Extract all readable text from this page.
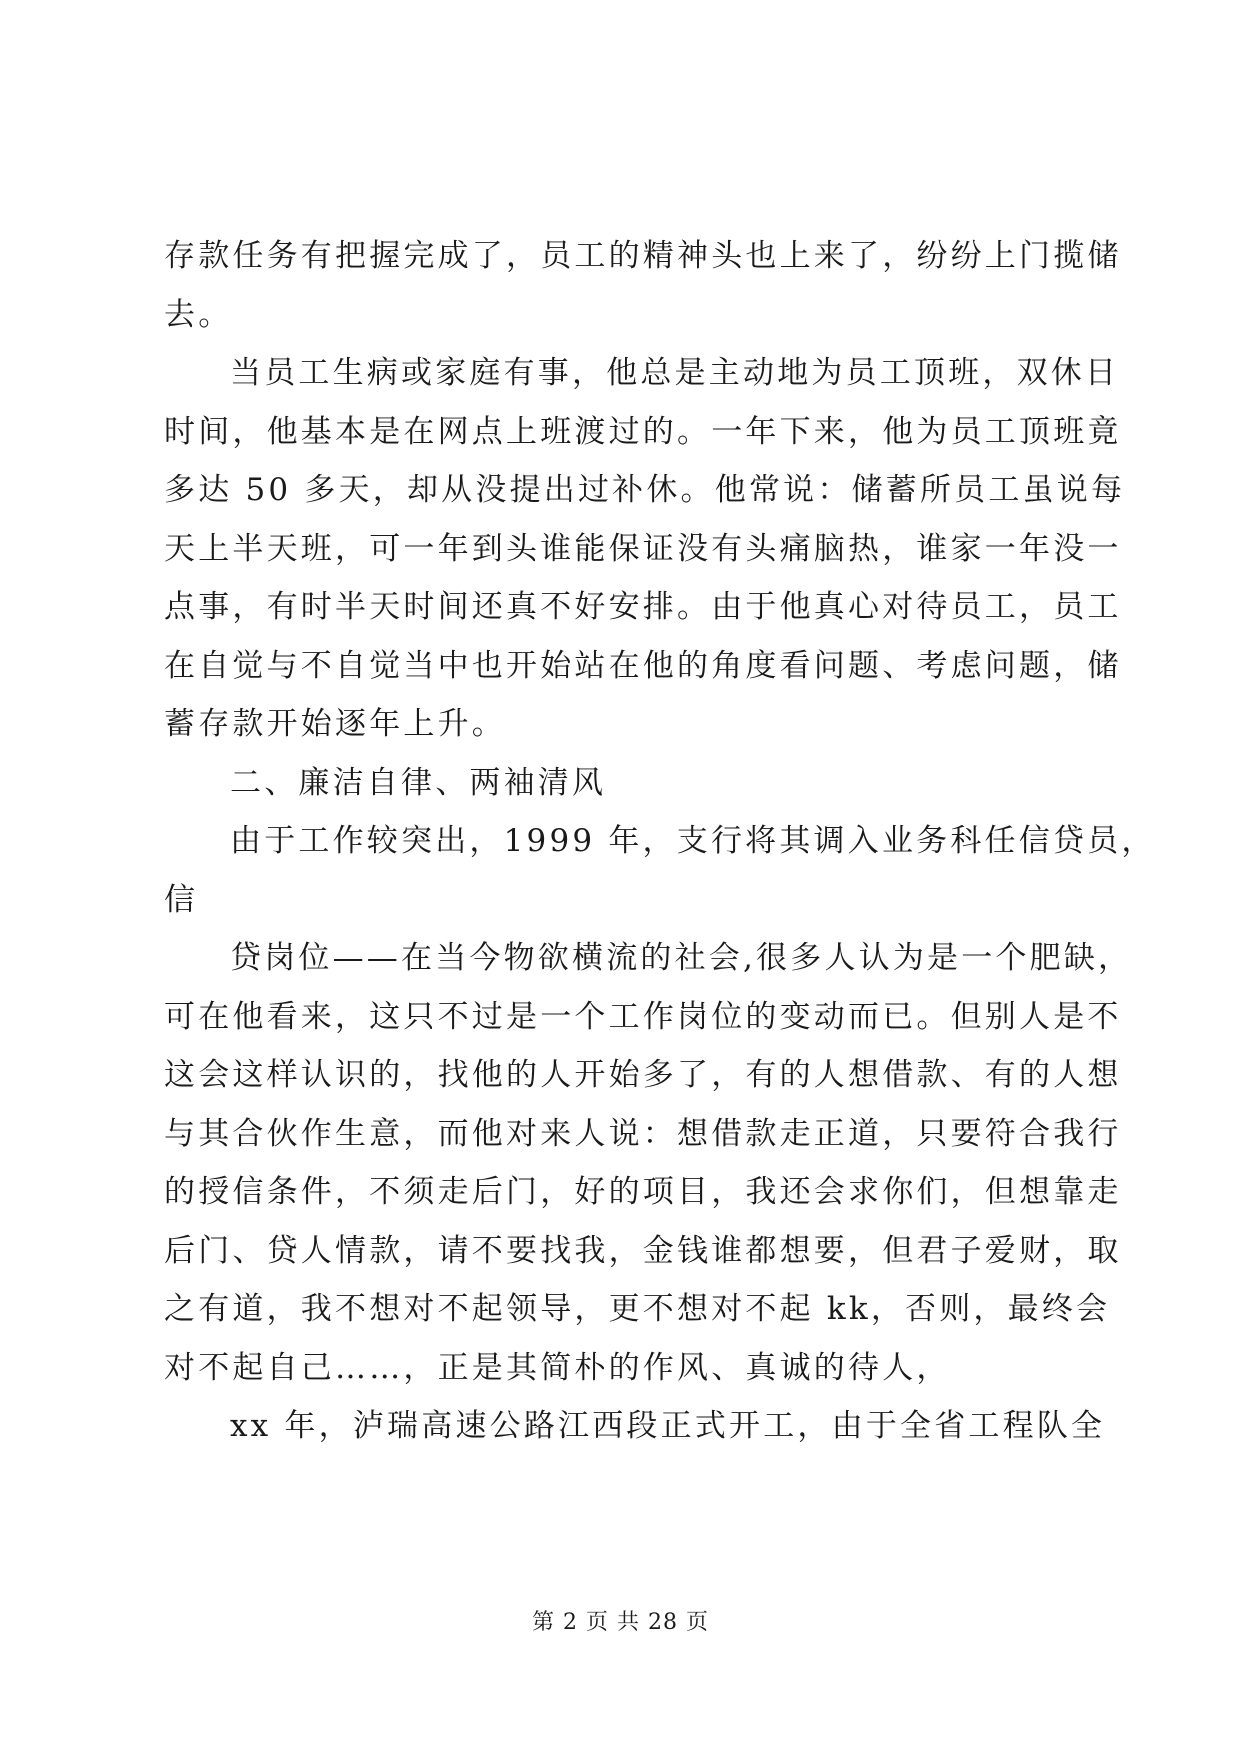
存款任务有把握完成了，员工的精神头也上来了，纷纷上门揽储
去。
当员工生病或家庭有事，他总是主动地为员工顶班，双休日
时间，他基本是在网点上班渡过的。一年下来，他为员工顶班竟
多达 50 多天，却从没提出过补休。他常说：储蓄所员工虽说每
天上半天班，可一年到头谁能保证没有头痛脑热，谁家一年没一
点事，有时半天时间还真不好安排。由于他真心对待员工，员工
在自觉与不自觉当中也开始站在他的角度看问题、考虑问题，储
蓄存款开始逐年上升。
二、廉洁自律、两袖清风
由于工作较突出，1999 年，支行将其调入业务科任信贷员，
信
贷岗位——在当今物欲横流的社会,很多人认为是一个肥缺，
可在他看来，这只不过是一个工作岗位的变动而已。但别人是不
这会这样认识的，找他的人开始多了，有的人想借款、有的人想
与其合伙作生意，而他对来人说：想借款走正道，只要符合我行
的授信条件，不须走后门，好的项目，我还会求你们，但想靠走
后门、贷人情款，请不要找我，金钱谁都想要，但君子爱财，取
之有道，我不想对不起领导，更不想对不起 kk，否则，最终会
对不起自己……，正是其简朴的作风、真诚的待人，
xx 年，泸瑞高速公路江西段正式开工，由于全省工程队全
第 2 页 共 28 页
